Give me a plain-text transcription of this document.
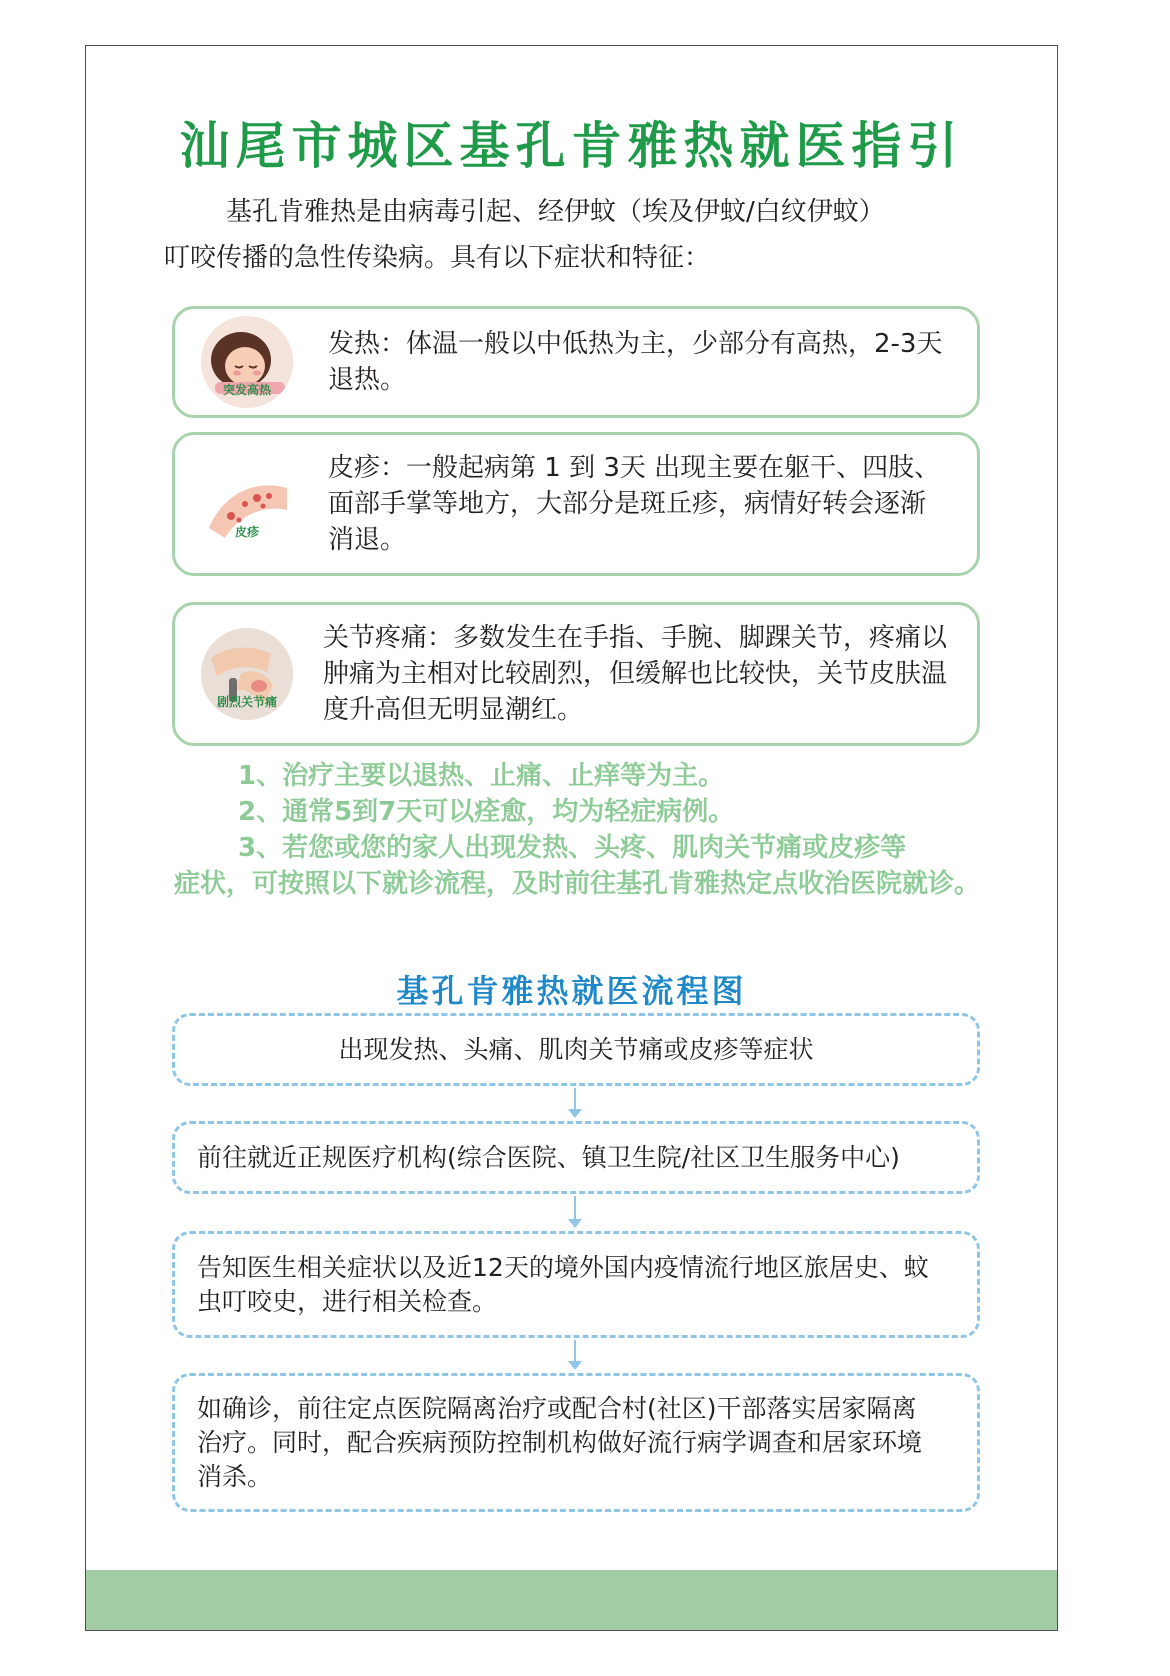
汕尾市城区基孔肯雅热就医指引
基孔肯雅热是由病毒引起、经伊蚊（埃及伊蚊/白纹伊蚊）
叮咬传播的急性传染病。具有以下症状和特征：
突发高热
发热：体温一般以中低热为主，少部分有高热，2-3天退热。
皮疹
皮疹：一般起病第 1 到 3天 出现主要在躯干、四肢、面部手掌等地方，大部分是斑丘疹，病情好转会逐渐消退。
剧烈关节痛
关节疼痛：多数发生在手指、手腕、脚踝关节，疼痛以肿痛为主相对比较剧烈，但缓解也比较快，关节皮肤温度升高但无明显潮红。
1、治疗主要以退热、止痛、止痒等为主。
2、通常5到7天可以痊愈，均为轻症病例。
3、若您或您的家人出现发热、头疼、肌肉关节痛或皮疹等
症状，可按照以下就诊流程，及时前往基孔肯雅热定点收治医院就诊。
基孔肯雅热就医流程图
出现发热、头痛、肌肉关节痛或皮疹等症状
前往就近正规医疗机构(综合医院、镇卫生院/社区卫生服务中心)
告知医生相关症状以及近12天的境外国内疫情流行地区旅居史、蚊虫叮咬史，进行相关检查。
如确诊，前往定点医院隔离治疗或配合村(社区)干部落实居家隔离治疗。同时，配合疾病预防控制机构做好流行病学调查和居家环境消杀。
